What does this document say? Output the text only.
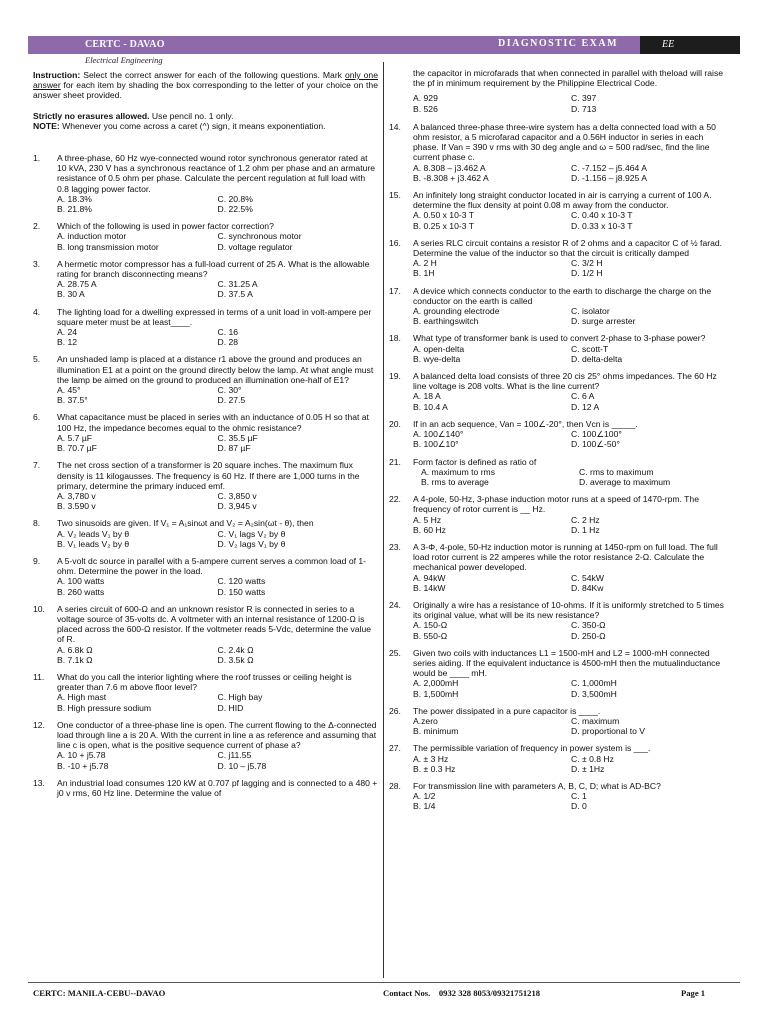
CERTC - DAVAO	DIAGNOSTIC EXAM	EE
Electrical Engineering

Instruction: Select the correct answer for each of the following questions. Mark only one answer for each item by shading the box corresponding to the letter of your choice on the answer sheet provided.

Strictly no erasures allowed. Use pencil no. 1 only.

NOTE: Whenever you come across a caret (^) sign, it means exponentiation.

1. A three-phase, 60 Hz wye-connected wound rotor synchronous generator rated at 10 kVA, 230 V has a synchronous reactance of 1.2 ohm per phase and an armature resistance of 0.5 ohm per phase. Calculate the percent regulation at full load with 0.8 lagging power factor.

A. 18.3%	C. 20.8%
B. 21.8%	D. 22.5%
2. Which of the following is used in power factor correction?

A. induction motor	C. synchronous motor
B. long transmission motor	D. voltage regulator
3. A hermetic motor compressor has a full-load current of 25 A. What is the allowable rating for branch disconnecting means?

A. 28.75 A	C. 31.25 A
B. 30 A	D. 37.5 A
4. The lighting load for a dwelling expressed in terms of a unit load in volt-ampere per square meter must be at least____.

A. 24	C. 16
B. 12	D. 28
5. An unshaded lamp is placed at a distance r1 above the ground and produces an illumination E1 at a point on the ground directly below the lamp. At what angle must the lamp be aimed on the ground to produced an illumination one-half of E1?

A. 45°	C. 30°
B. 37.5°	D. 27.5
6. What capacitance must be placed in series with an inductance of 0.05 H so that at 100 Hz, the impedance becomes equal to the ohmic resistance?

A. 5.7 µF	C. 35.5 µF
B. 70.7 µF	D. 87 µF
7. The net cross section of a transformer is 20 square inches. The maximum flux density is 11 kilogausses. The frequency is 60 Hz. If there are 1,000 turns in the primary, determine the primary induced emf.

A. 3,780 v	C. 3,850 v
B. 3.590 v	D. 3,945 v
8. Two sinusoids are given. If V₁ = A₁sinωt and V₂ = A₂sin(ωt - θ), then

A. V₂ leads V₁ by θ	C. V₁ lags V₂ by θ
B. V₁ leads V₂ by θ	D. V₂ lags V₁ by θ
9. A 5-volt dc source in parallel with a 5-ampere current serves a common load of 1-ohm. Determine the power in the load.

A. 100 watts	C. 120 watts
B. 260 watts	D. 150 watts
10. A series circuit of 600-Ω and an unknown resistor R is connected in series to a voltage source of 35-volts dc. A voltmeter with an internal resistance of 1200-Ω is placed across the 600-Ω resistor. If the voltmeter reads 5-Vdc, determine the value of R.

A. 6.8k Ω	C. 2.4k Ω
B. 7.1k Ω	D. 3.5k Ω
11. What do you call the interior lighting where the roof trusses or ceiling height is greater than 7.6 m above floor level?

A. High mast	C. High bay
B. High pressure sodium	D. HID
12. One conductor of a three-phase line is open. The current flowing to the Δ-connected load through line a is 20 A. With the current in line a as reference and assuming that line c is open, what is the positive sequence current of phase a?

A. 10 + j5.78	C. j11.55
B. -10 + j5.78	D. 10 – j5.78
13. An industrial load consumes 120 kW at 0.707 pf lagging and is connected to a 480 + j0 v rms, 60 Hz line. Determine the value of

the capacitor in microfarads that when connected in parallel with theload will raise the pf in minimum requirement by the Philippine Electrical Code.

A. 929	C. 397
B. 526	D. 713
14. A balanced three-phase three-wire system has a delta connected load with a 50 ohm resistor, a 5 microfarad capacitor and a 0.56H inductor in series in each phase. If Van = 390 v rms with 30 deg angle and ω = 500 rad/sec, find the line current phase c.

A. 8.308 – j3.462 A	C. -7.152 – j5.464 A
B. -8.308 + j3.462 A	D. -1.156 – j8.925 A
15. An infinitely long straight conductor located in air is carrying a current of 100 A. determine the flux density at point 0.08 m away from the conductor.

A. 0.50 x 10-3 T	C. 0.40 x 10-3 T
B. 0.25 x 10-3 T	D. 0.33 x 10-3 T
16. A series RLC circuit contains a resistor R of 2 ohms and a capacitor C of ½ farad. Determine the value of the inductor so that the circuit is critically damped

A. 2 H	C. 3/2 H
B. 1H	D. 1/2 H
17. A device which connects conductor to the earth to discharge the charge on the conductor on the earth is called

A. grounding electrode	C. isolator
B. earthingswitch	D. surge arrester
18. What type of transformer bank is used to convert 2-phase to 3-phase power?

A. open-delta	C. scott-T
B. wye-delta	D. delta-delta
19. A balanced delta load consists of three 20 cis 25° ohms impedances. The 60 Hz line voltage is 208 volts. What is the line current?

A. 18 A	C. 6 A
B. 10.4 A	D. 12 A
20. If in an acb sequence, Van = 100∠-20°, then Vcn is _____.

A. 100∠140°	C. 100∠100°
B. 100∠10°	D. 100∠-50°
21. Form factor is defined as ratio of

A. maximum to rms	C. rms to maximum
B. rms to average	D. average to maximum
22. A 4-pole, 50-Hz, 3-phase induction motor runs at a speed of 1470-rpm. The frequency of rotor current is __ Hz.

A. 5 Hz	C. 2 Hz
B. 60 Hz	D. 1 Hz
23. A 3-Φ, 4-pole, 50-Hz induction motor is running at 1450-rpm on full load. The full load rotor current is 22 amperes while the rotor resistance 2-Ω. Calculate the mechanical power developed.

A. 94kW	C. 54kW
B. 14kW	D. 84Kw
24. Originally a wire has a resistance of 10-ohms. If it is uniformly stretched to 5 times its original value, what will be its new resistance?

A. 150-Ω	C. 350-Ω
B. 550-Ω	D. 250-Ω
25. Given two coils with inductances L1 = 1500-mH and L2 = 1000-mH connected series aiding. If the equivalent inductance is 4500-mH then the mutualinductance would be ____ mH.

A. 2,000mH	C. 1,000mH
B. 1,500mH	D. 3,500mH
26. The power dissipated in a pure capacitor is ____.

A.zero	C. maximum
B. minimum	D. proportional to V
27. The permissible variation of frequency in power system is ___.

A. ± 3 Hz	C. ± 0.8 Hz
B. ± 0.3 Hz	D. ± 1Hz
28. For transmission line with parameters A, B, C, D; what is AD-BC?

A. 1/2	C. 1
B. 1/4	D. 0
CERTC: MANILA-CEBU--DAVAO	Contact Nos. 0932 328 8053/09321751218	Page 1
